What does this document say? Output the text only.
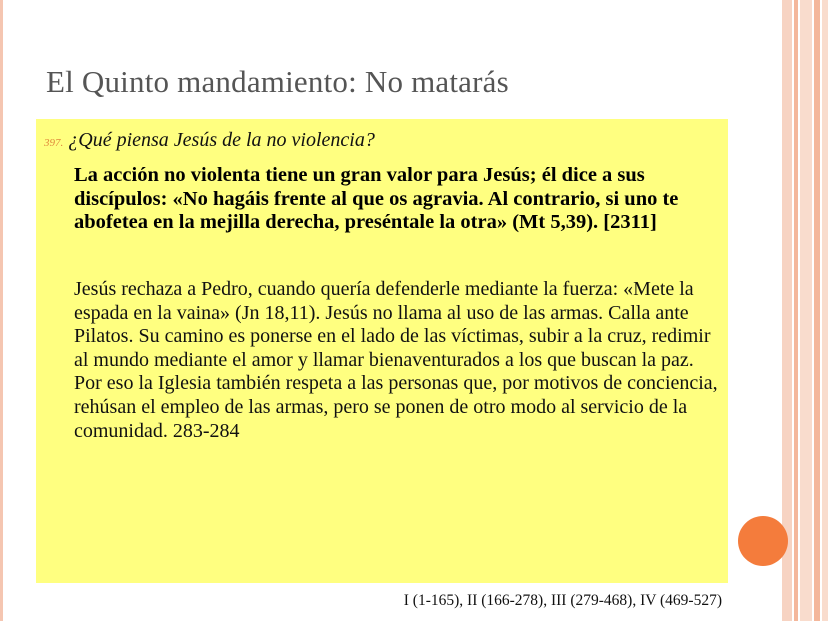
El Quinto mandamiento: No matarás
397. ¿Qué piensa Jesús de la no violencia?

La acción no violenta tiene un gran valor para Jesús; él dice a sus discípulos: «No hagáis frente al que os agravia. Al contrario, si uno te abofetea en la mejilla derecha, preséntale la otra» (Mt 5,39). [2311]

Jesús rechaza a Pedro, cuando quería defenderle mediante la fuerza: «Mete la espada en la vaina» (Jn 18,11). Jesús no llama al uso de las armas. Calla ante Pilatos. Su camino es ponerse en el lado de las víctimas, subir a la cruz, redimir al mundo mediante el amor y llamar bienaventurados a los que buscan la paz. Por eso la Iglesia también respeta a las personas que, por motivos de conciencia, rehúsan el empleo de las armas, pero se ponen de otro modo al servicio de la comunidad. 283-284

I (1-165), II (166-278), III (279-468), IV (469-527)
